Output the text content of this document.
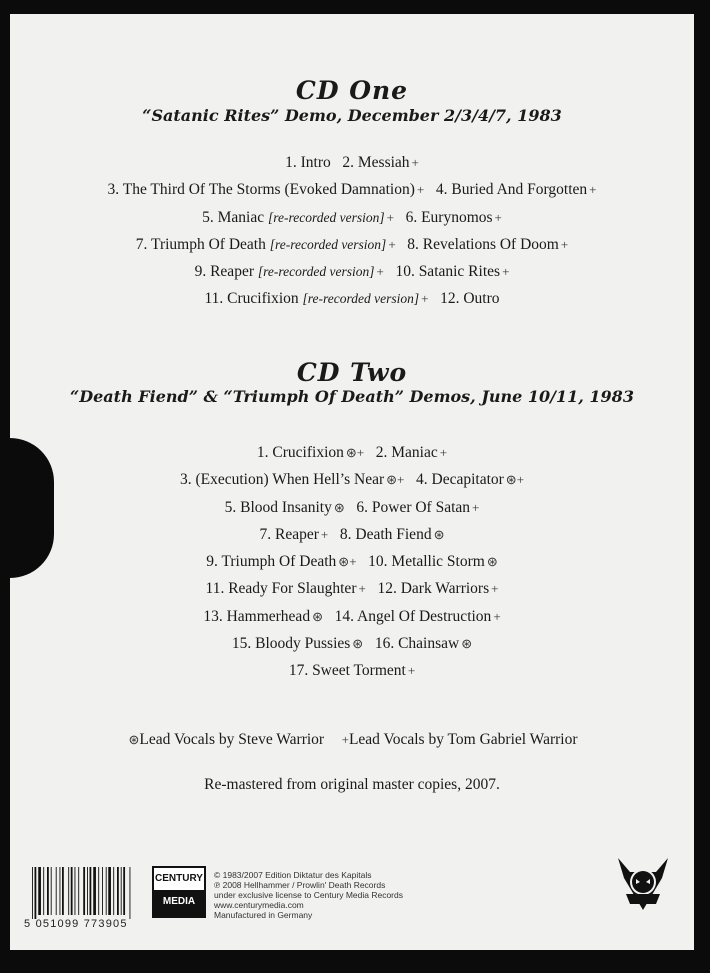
CD One
“Satanic Rites” Demo, December 2/3/4/7, 1983
1. Intro 2. Messiah +
3. The Third Of The Storms (Evoked Damnation) + 4. Buried And Forgotten +
5. Maniac [re-recorded version] + 6. Eurynomos +
7. Triumph Of Death [re-recorded version] + 8. Revelations Of Doom +
9. Reaper [re-recorded version] + 10. Satanic Rites +
11. Crucifixion [re-recorded version] + 12. Outro
CD Two
“Death Fiend” & “Triumph Of Death” Demos, June 10/11, 1983
1. Crucifixion ⊛+ 2. Maniac +
3. (Execution) When Hell’s Near ⊛+ 4. Decapitator ⊛+
5. Blood Insanity ⊛ 6. Power Of Satan +
7. Reaper + 8. Death Fiend ⊛
9. Triumph Of Death ⊛+ 10. Metallic Storm ⊛
11. Ready For Slaughter + 12. Dark Warriors +
13. Hammerhead ⊛ 14. Angel Of Destruction +
15. Bloody Pussies ⊛ 16. Chainsaw ⊛
17. Sweet Torment +
⊛Lead Vocals by Steve Warrior +Lead Vocals by Tom Gabriel Warrior
Re-mastered from original master copies, 2007.
5 051099 773905
CENTURY
MEDIA
© 1983/2007 Edition Diktatur des Kapitals
℗ 2008 Hellhammer / Prowlin' Death Records
under exclusive license to Century Media Records
www.centurymedia.com
Manufactured in Germany
